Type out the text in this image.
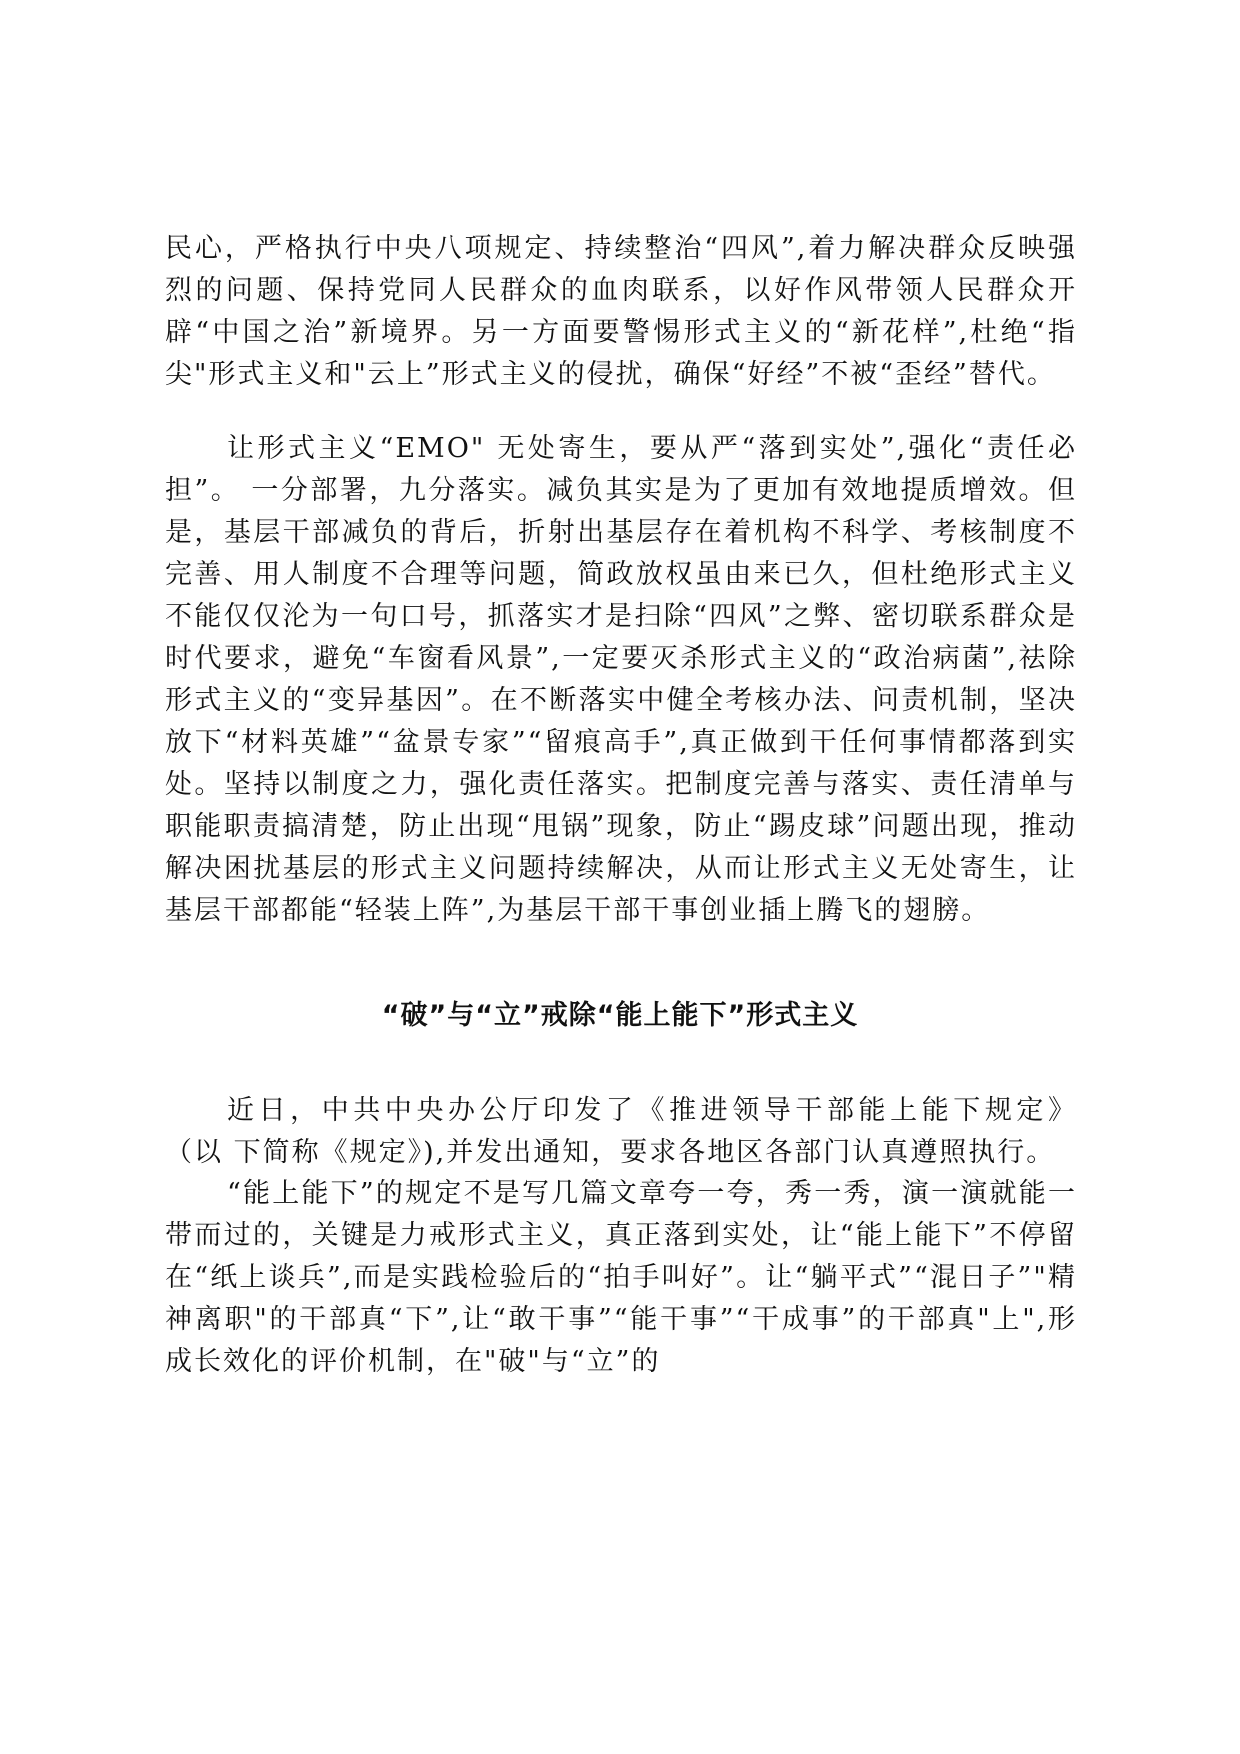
民心，严格执行中央八项规定、持续整治“四风”,着力解决群众反映强烈的问题、保持党同人民群众的血肉联系，以好作风带领人民群众开辟“中国之治”新境界。另一方面要警惕形式主义的“新花样”,杜绝“指尖"形式主义和"云上”形式主义的侵扰，确保“好经”不被“歪经”替代。

让形式主义“EMO" 无处寄生，要从严“落到实处”,强化“责任必担”。 一分部署，九分落实。减负其实是为了更加有效地提质增效。但是，基层干部减负的背后，折射出基层存在着机构不科学、考核制度不完善、用人制度不合理等问题，简政放权虽由来已久，但杜绝形式主义不能仅仅沦为一句口号，抓落实才是扫除“四风”之弊、密切联系群众是时代要求，避免“车窗看风景”,一定要灭杀形式主义的“政治病菌”,祛除形式主义的“变异基因”。在不断落实中健全考核办法、问责机制，坚决放下“材料英雄”“盆景专家”“留痕高手”,真正做到干任何事情都落到实处。坚持以制度之力，强化责任落实。把制度完善与落实、责任清单与职能职责搞清楚，防止出现“甩锅”现象，防止“踢皮球”问题出现，推动解决困扰基层的形式主义问题持续解决，从而让形式主义无处寄生，让基层干部都能“轻装上阵”,为基层干部干事创业插上腾飞的翅膀。

“破”与“立”戒除“能上能下”形式主义

近日，中共中央办公厅印发了《推进领导干部能上能下规定》 （以 下简称《规定》),并发出通知，要求各地区各部门认真遵照执行。

“能上能下”的规定不是写几篇文章夸一夸，秀一秀，演一演就能一带而过的，关键是力戒形式主义，真正落到实处，让“能上能下”不停留在“纸上谈兵”,而是实践检验后的“拍手叫好”。让“躺平式”“混日子”"精神离职"的干部真“下”,让“敢干事”“能干事”“干成事”的干部真"上",形成长效化的评价机制，在"破"与“立”的
